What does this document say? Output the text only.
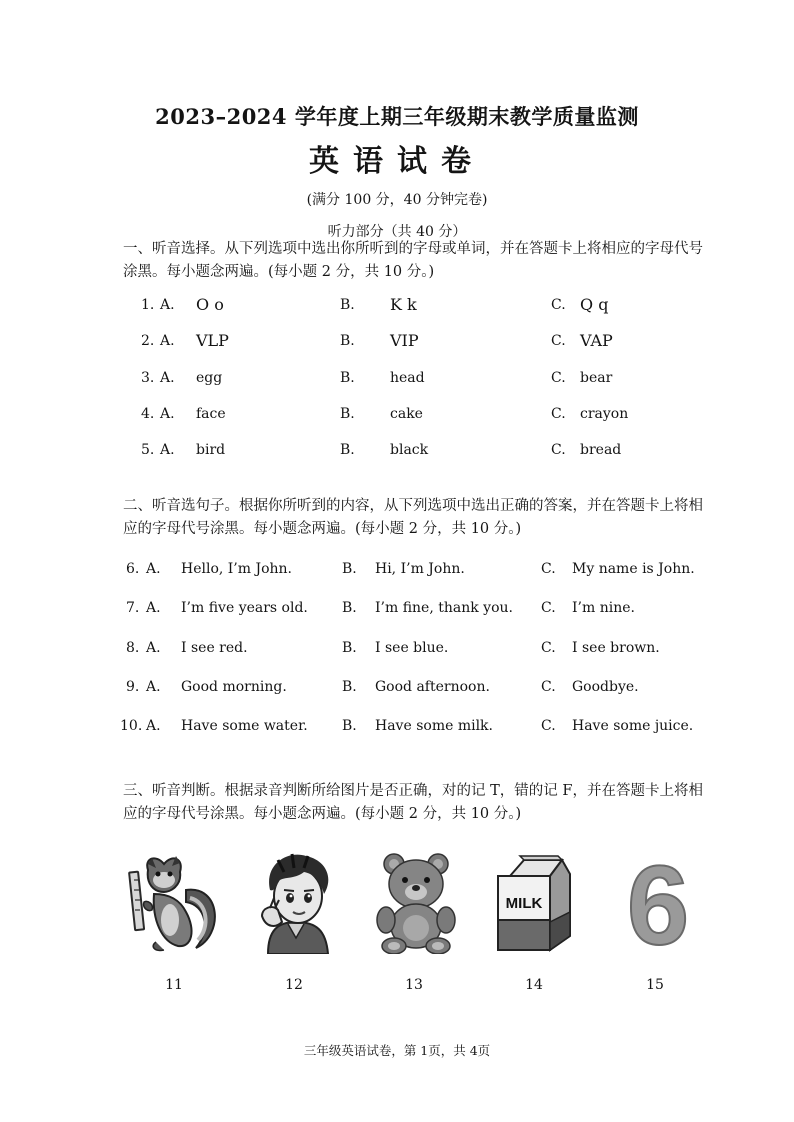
2023–2024 学年度上期三年级期末教学质量监测
英语试卷
(满分 100 分，40 分钟完卷)
听力部分（共 40 分）
一、听音选择。从下列选项中选出你所听到的字母或单词，并在答题卡上将相应的字母代号涂黑。每小题念两遍。(每小题 2 分，共 10 分。)
1. A. O o	B. K k	C. Q q
2. A. VLP	B. VIP	C. VAP
3. A. egg	B.	head	C. bear
4. A. face	B.	cake	C. crayon
5. A. bird	B.	black	C. bread
二、听音选句子。根据你所听到的内容，从下列选项中选出正确的答案，并在答题卡上将相应的字母代号涂黑。每小题念两遍。(每小题 2 分，共 10 分。)
6. A. Hello, I’m John.	B. Hi, I’m John.	C. My name is John.
7. A. I’m five years old. B. I’m fine, thank you. C. I’m nine.
8. A. I see red.	B. I see blue.	C. I see brown.
9. A. Good morning.	B. Good afternoon.	C. Goodbye.
10. A. Have some water. B. Have some milk.	C. Have some juice.
三、听音判断。根据录音判断所给图片是否正确，对的记 T，错的记 F，并在答题卡上将相应的字母代号涂黑。每小题念两遍。(每小题 2 分，共 10 分。)
MILK 6
11	12	13	14	15
三年级英语试卷，第 1页，共 4页
